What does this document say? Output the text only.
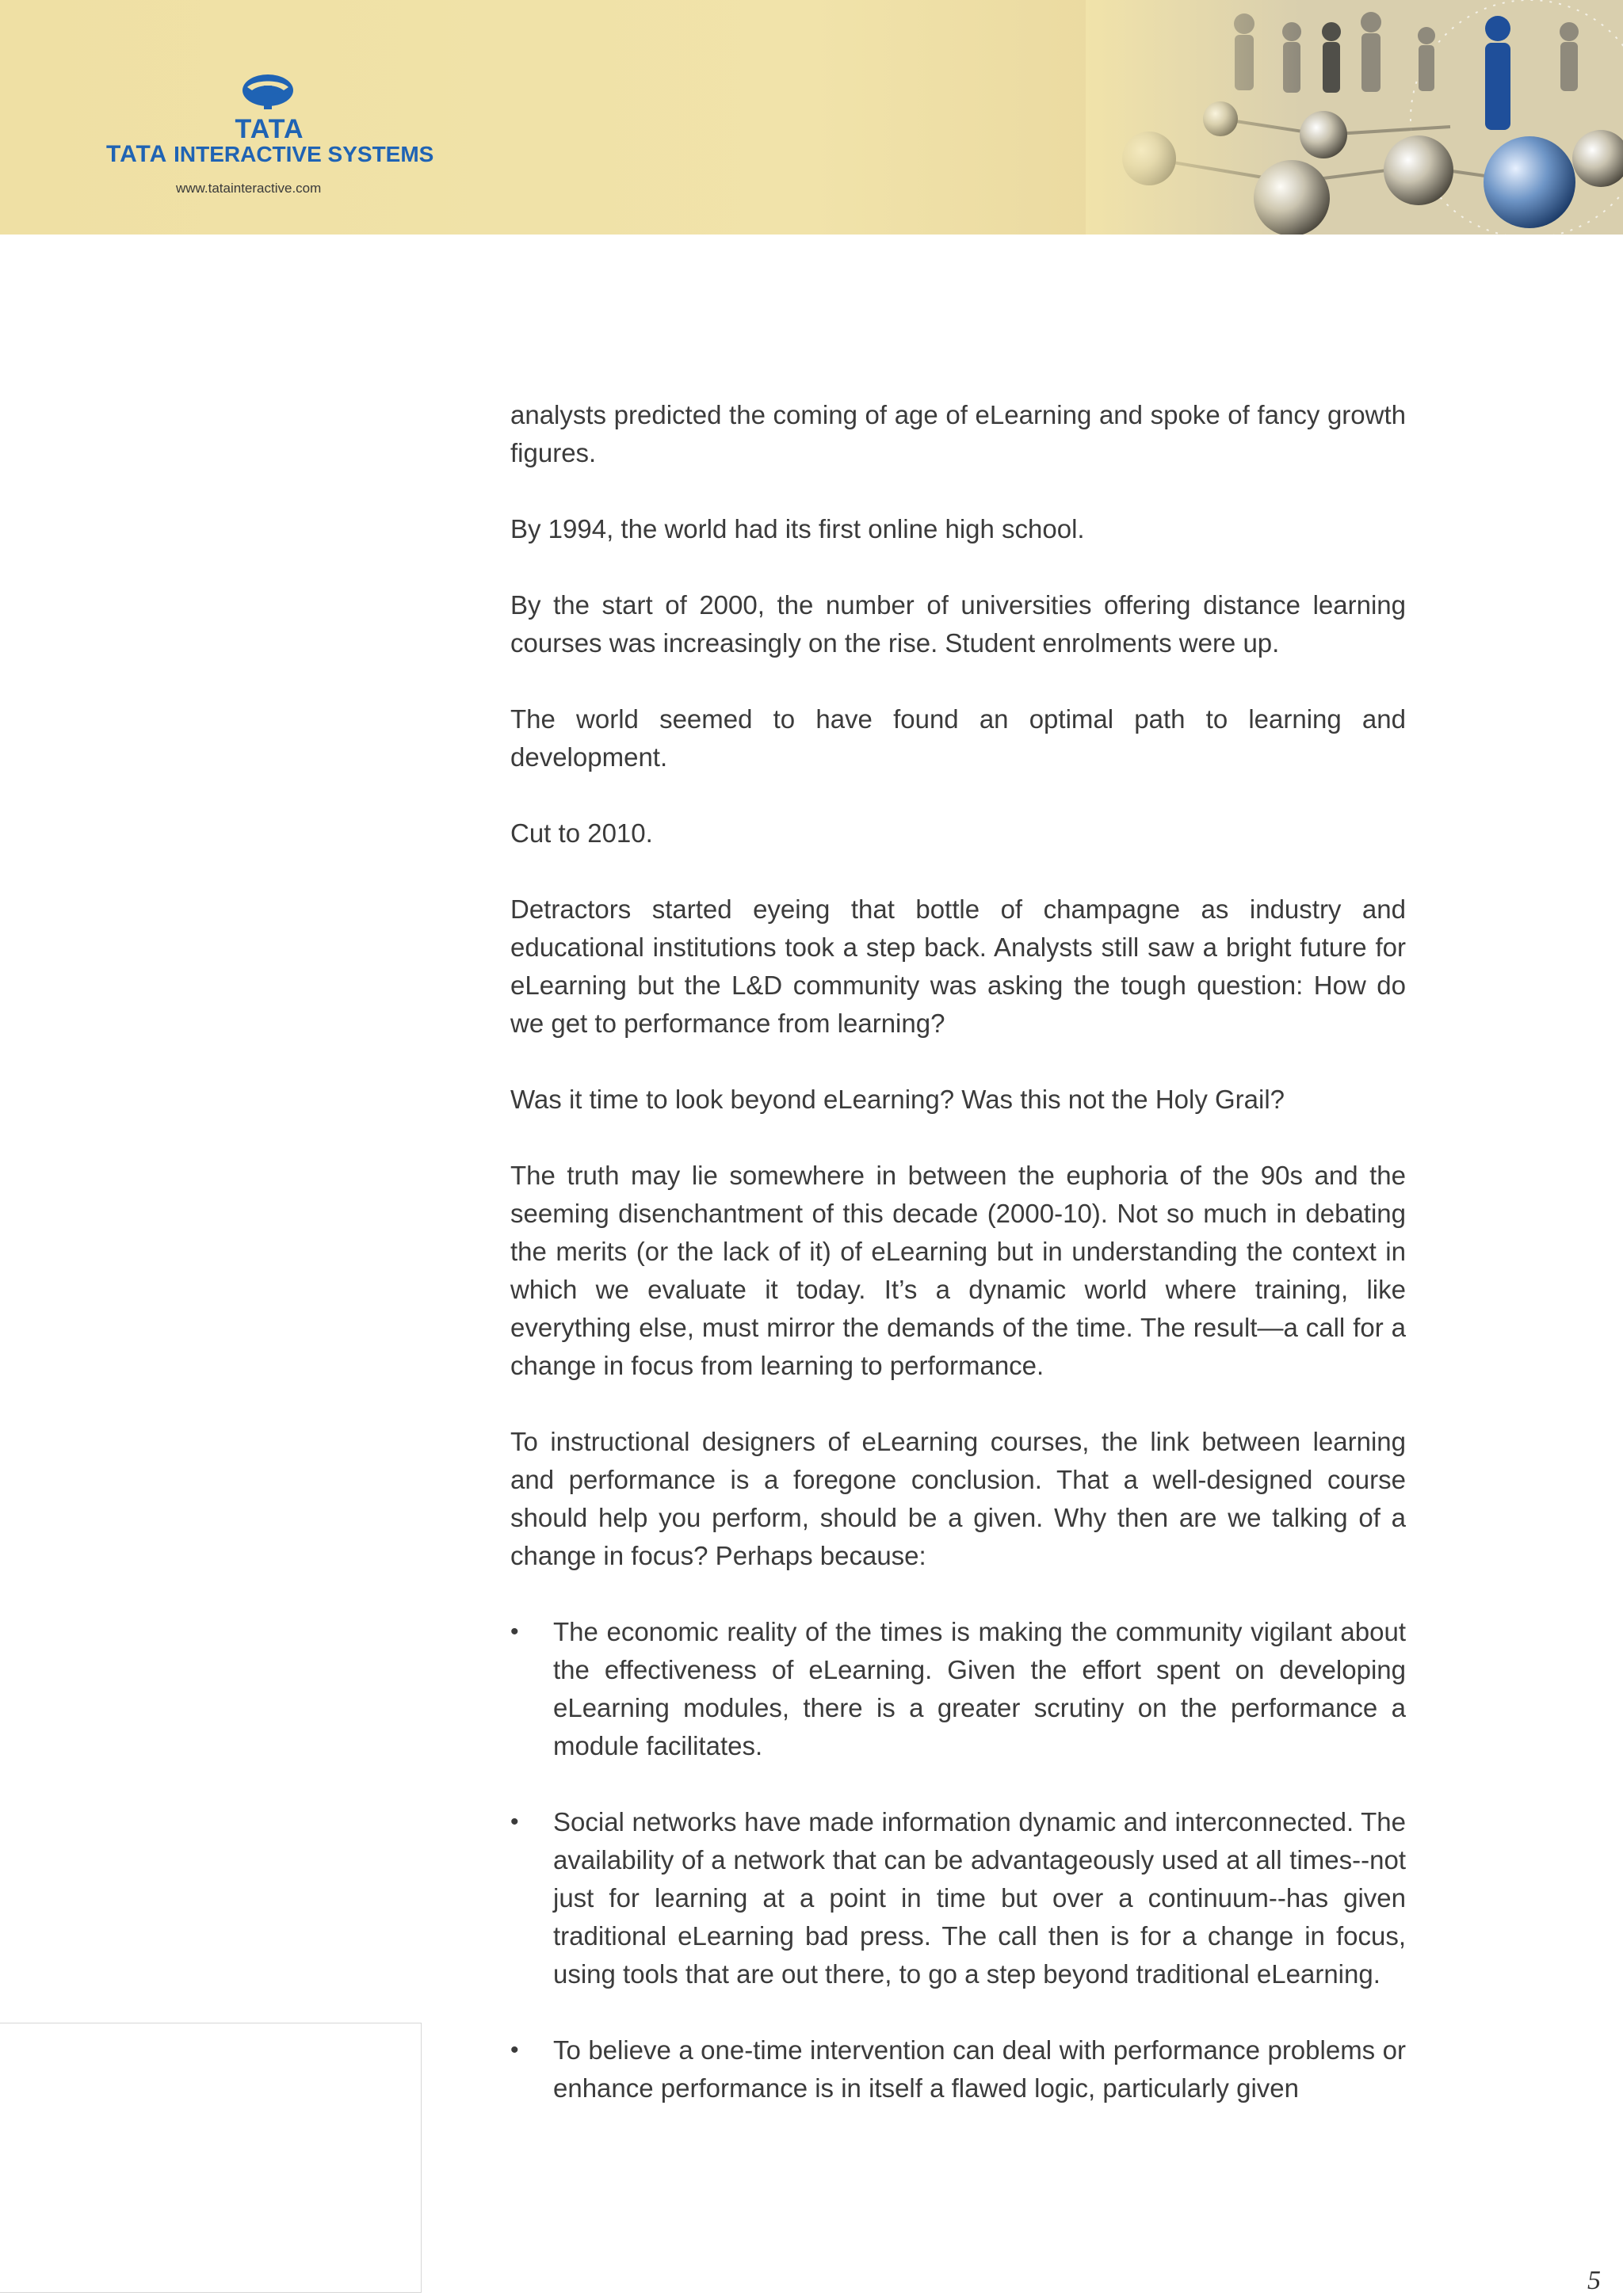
TATA
TATA INTERACTIVE SYSTEMS
www.tatainteractive.com

analysts predicted the coming of age of eLearning and spoke of fancy growth figures.

By 1994, the world had its first online high school.

By the start of 2000, the number of universities offering distance learning courses was increasingly on the rise. Student enrolments were up.

The world seemed to have found an optimal path to learning and development.

Cut to 2010.

Detractors started eyeing that bottle of champagne as industry and educational institutions took a step back. Analysts still saw a bright future for eLearning but the L&D community was asking the tough question: How do we get to performance from learning?

Was it time to look beyond eLearning? Was this not the Holy Grail?

The truth may lie somewhere in between the euphoria of the 90s and the seeming disenchantment of this decade (2000-10). Not so much in debating the merits (or the lack of it) of eLearning but in understanding the context in which we evaluate it today. It’s a dynamic world where training, like everything else, must mirror the demands of the time. The result—a call for a change in focus from learning to performance.

To instructional designers of eLearning courses, the link between learning and performance is a foregone conclusion. That a well-designed course should help you perform, should be a given. Why then are we talking of a change in focus? Perhaps because:

•	The economic reality of the times is making the community vigilant about the effectiveness of eLearning. Given the effort spent on developing eLearning modules, there is a greater scrutiny on the performance a module facilitates.
•	Social networks have made information dynamic and interconnected. The availability of a network that can be advantageously used at all times--not just for learning at a point in time but over a continuum--has given traditional eLearning bad press. The call then is for a change in focus, using tools that are out there, to go a step beyond traditional eLearning.
•	To believe a one-time intervention can deal with performance problems or enhance performance is in itself a flawed logic, particularly given
5
